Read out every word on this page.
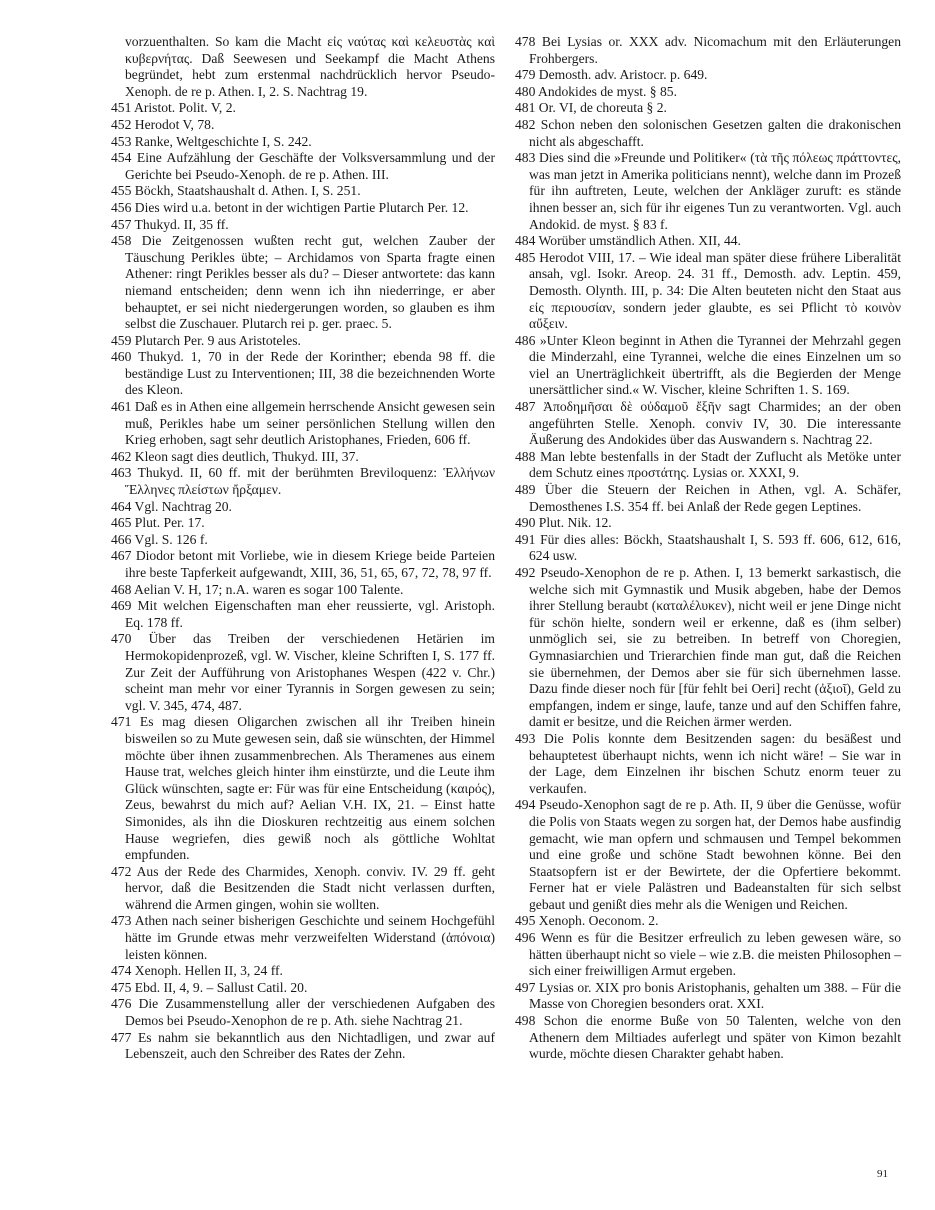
vorzuenthalten. So kam die Macht εἰς ναύτας καὶ κελευστὰς καὶ κυβερνήτας. Daß Seewesen und Seekampf die Macht Athens begründet, hebt zum erstenmal nachdrücklich hervor Pseudo-Xenoph. de re p. Athen. I, 2. S. Nachtrag 19.

451 Aristot. Polit. V, 2.

452 Herodot V, 78.

453 Ranke, Weltgeschichte I, S. 242.

454 Eine Aufzählung der Geschäfte der Volksversammlung und der Gerichte bei Pseudo-Xenoph. de re p. Athen. III.

455 Böckh, Staatshaushalt d. Athen. I, S. 251.

456 Dies wird u.a. betont in der wichtigen Partie Plutarch Per. 12.

457 Thukyd. II, 35 ff.

458 Die Zeitgenossen wußten recht gut, welchen Zauber der Täuschung Perikles übte; – Archidamos von Sparta fragte einen Athener: ringt Perikles besser als du? – Dieser antwortete: das kann niemand entscheiden; denn wenn ich ihn niederringe, er aber behauptet, er sei nicht niedergerungen worden, so glauben es ihm selbst die Zuschauer. Plutarch rei p. ger. praec. 5.

459 Plutarch Per. 9 aus Aristoteles.

460 Thukyd. 1, 70 in der Rede der Korinther; ebenda 98 ff. die beständige Lust zu Interventionen; III, 38 die bezeichnenden Worte des Kleon.

461 Daß es in Athen eine allgemein herrschende Ansicht gewesen sein muß, Perikles habe um seiner persönlichen Stellung willen den Krieg erhoben, sagt sehr deutlich Aristophanes, Frieden, 606 ff.

462 Kleon sagt dies deutlich, Thukyd. III, 37.

463 Thukyd. II, 60 ff. mit der berühmten Breviloquenz: Ἑλλήνων Ἕλληνες πλείστων ἤρξαμεν.

464 Vgl. Nachtrag 20.

465 Plut. Per. 17.

466 Vgl. S. 126 f.

467 Diodor betont mit Vorliebe, wie in diesem Kriege beide Parteien ihre beste Tapferkeit aufgewandt, XIII, 36, 51, 65, 67, 72, 78, 97 ff.

468 Aelian V. H, 17; n.A. waren es sogar 100 Talente.

469 Mit welchen Eigenschaften man eher reussierte, vgl. Aristoph. Eq. 178 ff.

470 Über das Treiben der verschiedenen Hetärien im Hermokopidenprozeß, vgl. W. Vischer, kleine Schriften I, S. 177 ff. Zur Zeit der Aufführung von Aristophanes Wespen (422 v. Chr.) scheint man mehr vor einer Tyrannis in Sorgen gewesen zu sein; vgl. V. 345, 474, 487.

471 Es mag diesen Oligarchen zwischen all ihr Treiben hinein bisweilen so zu Mute gewesen sein, daß sie wünschten, der Himmel möchte über ihnen zusammenbrechen. Als Theramenes aus einem Hause trat, welches gleich hinter ihm einstürzte, und die Leute ihm Glück wünschten, sagte er: Für was für eine Entscheidung (καιρός), Zeus, bewahrst du mich auf? Aelian V.H. IX, 21. – Einst hatte Simonides, als ihn die Dioskuren rechtzeitig aus einem solchen Hause wegriefen, dies gewiß noch als göttliche Wohltat empfunden.

472 Aus der Rede des Charmides, Xenoph. conviv. IV. 29 ff. geht hervor, daß die Besitzenden die Stadt nicht verlassen durften, während die Armen gingen, wohin sie wollten.

473 Athen nach seiner bisherigen Geschichte und seinem Hochgefühl hätte im Grunde etwas mehr verzweifelten Widerstand (ἀπόνοια) leisten können.

474 Xenoph. Hellen II, 3, 24 ff.

475 Ebd. II, 4, 9. – Sallust Catil. 20.

476 Die Zusammenstellung aller der verschiedenen Aufgaben des Demos bei Pseudo-Xenophon de re p. Ath. siehe Nachtrag 21.

477 Es nahm sie bekanntlich aus den Nichtadligen, und zwar auf Lebenszeit, auch den Schreiber des Rates der Zehn.

478 Bei Lysias or. XXX adv. Nicomachum mit den Erläuterungen Frohbergers.

479 Demosth. adv. Aristocr. p. 649.

480 Andokides de myst. § 85.

481 Or. VI, de choreuta § 2.

482 Schon neben den solonischen Gesetzen galten die drakonischen nicht als abgeschafft.

483 Dies sind die »Freunde und Politiker« (τὰ τῆς πόλεως πράττοντες, was man jetzt in Amerika politicians nennt), welche dann im Prozeß für ihn auftreten, Leute, welchen der Ankläger zuruft: es stände ihnen besser an, sich für ihr eigenes Tun zu verantworten. Vgl. auch Andokid. de myst. § 83 f.

484 Worüber umständlich Athen. XII, 44.

485 Herodot VIII, 17. – Wie ideal man später diese frühere Liberalität ansah, vgl. Isokr. Areop. 24. 31 ff., Demosth. adv. Leptin. 459, Demosth. Olynth. III, p. 34: Die Alten beuteten nicht den Staat aus εἰς περιουσίαν, sondern jeder glaubte, es sei Pflicht τὸ κοινὸν αὔξειν.

486 »Unter Kleon beginnt in Athen die Tyrannei der Mehrzahl gegen die Minderzahl, eine Tyrannei, welche die eines Einzelnen um so viel an Unerträglichkeit übertrifft, als die Begierden der Menge unersättlicher sind.« W. Vischer, kleine Schriften 1. S. 169.

487 Ἀποδημῆσαι δὲ οὐδαμοῦ ἔξῆν sagt Charmides; an der oben angeführten Stelle. Xenoph. conviv IV, 30. Die interessante Äußerung des Andokides über das Auswandern s. Nachtrag 22.

488 Man lebte bestenfalls in der Stadt der Zuflucht als Metöke unter dem Schutz eines προστάτης. Lysias or. XXXI, 9.

489 Über die Steuern der Reichen in Athen, vgl. A. Schäfer, Demosthenes I.S. 354 ff. bei Anlaß der Rede gegen Leptines.

490 Plut. Nik. 12.

491 Für dies alles: Böckh, Staatshaushalt I, S. 593 ff. 606, 612, 616, 624 usw.

492 Pseudo-Xenophon de re p. Athen. I, 13 bemerkt sarkastisch, die welche sich mit Gymnastik und Musik abgeben, habe der Demos ihrer Stellung beraubt (καταλέλυκεν), nicht weil er jene Dinge nicht für schön hielte, sondern weil er erkenne, daß es (ihm selber) unmöglich sei, sie zu betreiben. In betreff von Choregien, Gymnasiarchien und Trierarchien finde man gut, daß die Reichen sie übernehmen, der Demos aber sie für sich übernehmen lasse. Dazu finde dieser noch für [für fehlt bei Oeri] recht (ἀξιοῖ), Geld zu empfangen, indem er singe, laufe, tanze und auf den Schiffen fahre, damit er besitze, und die Reichen ärmer werden.

493 Die Polis konnte dem Besitzenden sagen: du besäßest und behauptetest überhaupt nichts, wenn ich nicht wäre! – Sie war in der Lage, dem Einzelnen ihr bischen Schutz enorm teuer zu verkaufen.

494 Pseudo-Xenophon sagt de re p. Ath. II, 9 über die Genüsse, wofür die Polis von Staats wegen zu sorgen hat, der Demos habe ausfindig gemacht, wie man opfern und schmausen und Tempel bekommen und eine große und schöne Stadt bewohnen könne. Bei den Staatsopfern ist er der Bewirtete, der die Opfertiere bekommt. Ferner hat er viele Palästren und Badeanstalten für sich selbst gebaut und genißt dies mehr als die Wenigen und Reichen.

495 Xenoph. Oeconom. 2.

496 Wenn es für die Besitzer erfreulich zu leben gewesen wäre, so hätten überhaupt nicht so viele – wie z.B. die meisten Philosophen – sich einer freiwilligen Armut ergeben.

497 Lysias or. XIX pro bonis Aristophanis, gehalten um 388. – Für die Masse von Choregien besonders orat. XXI.

498 Schon die enorme Buße von 50 Talenten, welche von den Athenern dem Miltiades auferlegt und später von Kimon bezahlt wurde, möchte diesen Charakter gehabt haben.

91
